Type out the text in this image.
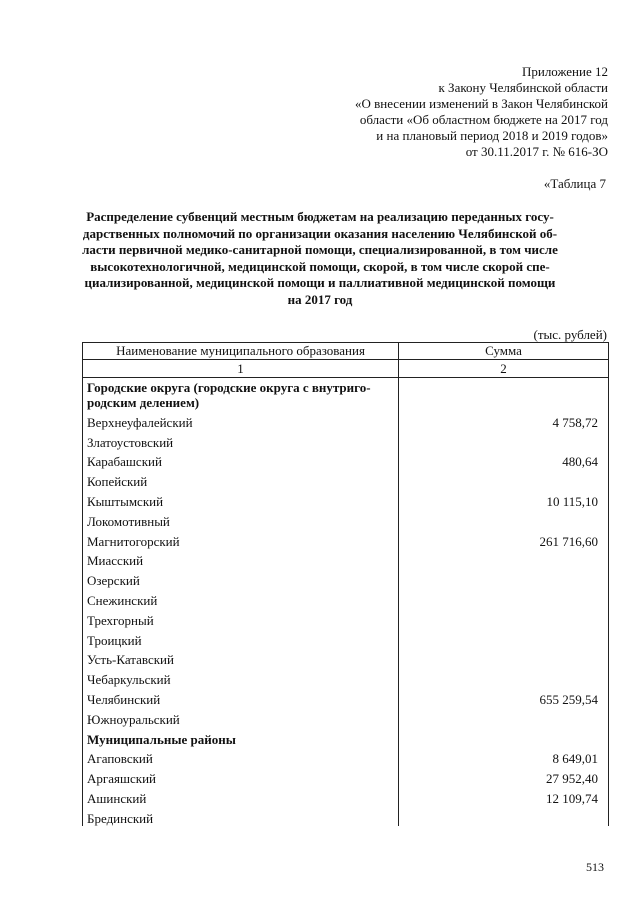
Приложение 12
к Закону Челябинской области
«О внесении изменений в Закон Челябинской
области «Об областном бюджете на 2017 год
и на плановый период 2018 и 2019 годов»
от 30.11.2017 г. № 616-ЗО
«Таблица 7
Распределение субвенций местным бюджетам на реализацию переданных госу-
дарственных полномочий по организации оказания населению Челябинской об-
ласти первичной медико-санитарной помощи, специализированной, в том числе
высокотехнологичной, медицинской помощи, скорой, в том числе скорой спе-
циализированной, медицинской помощи и паллиативной медицинской помощи
на 2017 год
(тыс. рублей)
Наименование муниципального образования	Сумма
1	2
Городские округа (городские округа с внутриго-
родским делением)	
Верхнеуфалейский	4 758,72
Златоустовский	
Карабашский	480,64
Копейский	
Кыштымский	10 115,10
Локомотивный	
Магнитогорский	261 716,60
Миасский	
Озерский	
Снежинский	
Трехгорный	
Троицкий	
Усть-Катавский	
Чебаркульский	
Челябинский	655 259,54
Южноуральский	
Муниципальные районы	
Агаповский	8 649,01
Аргаяшский	27 952,40
Ашинский	12 109,74
Брединский	
513
